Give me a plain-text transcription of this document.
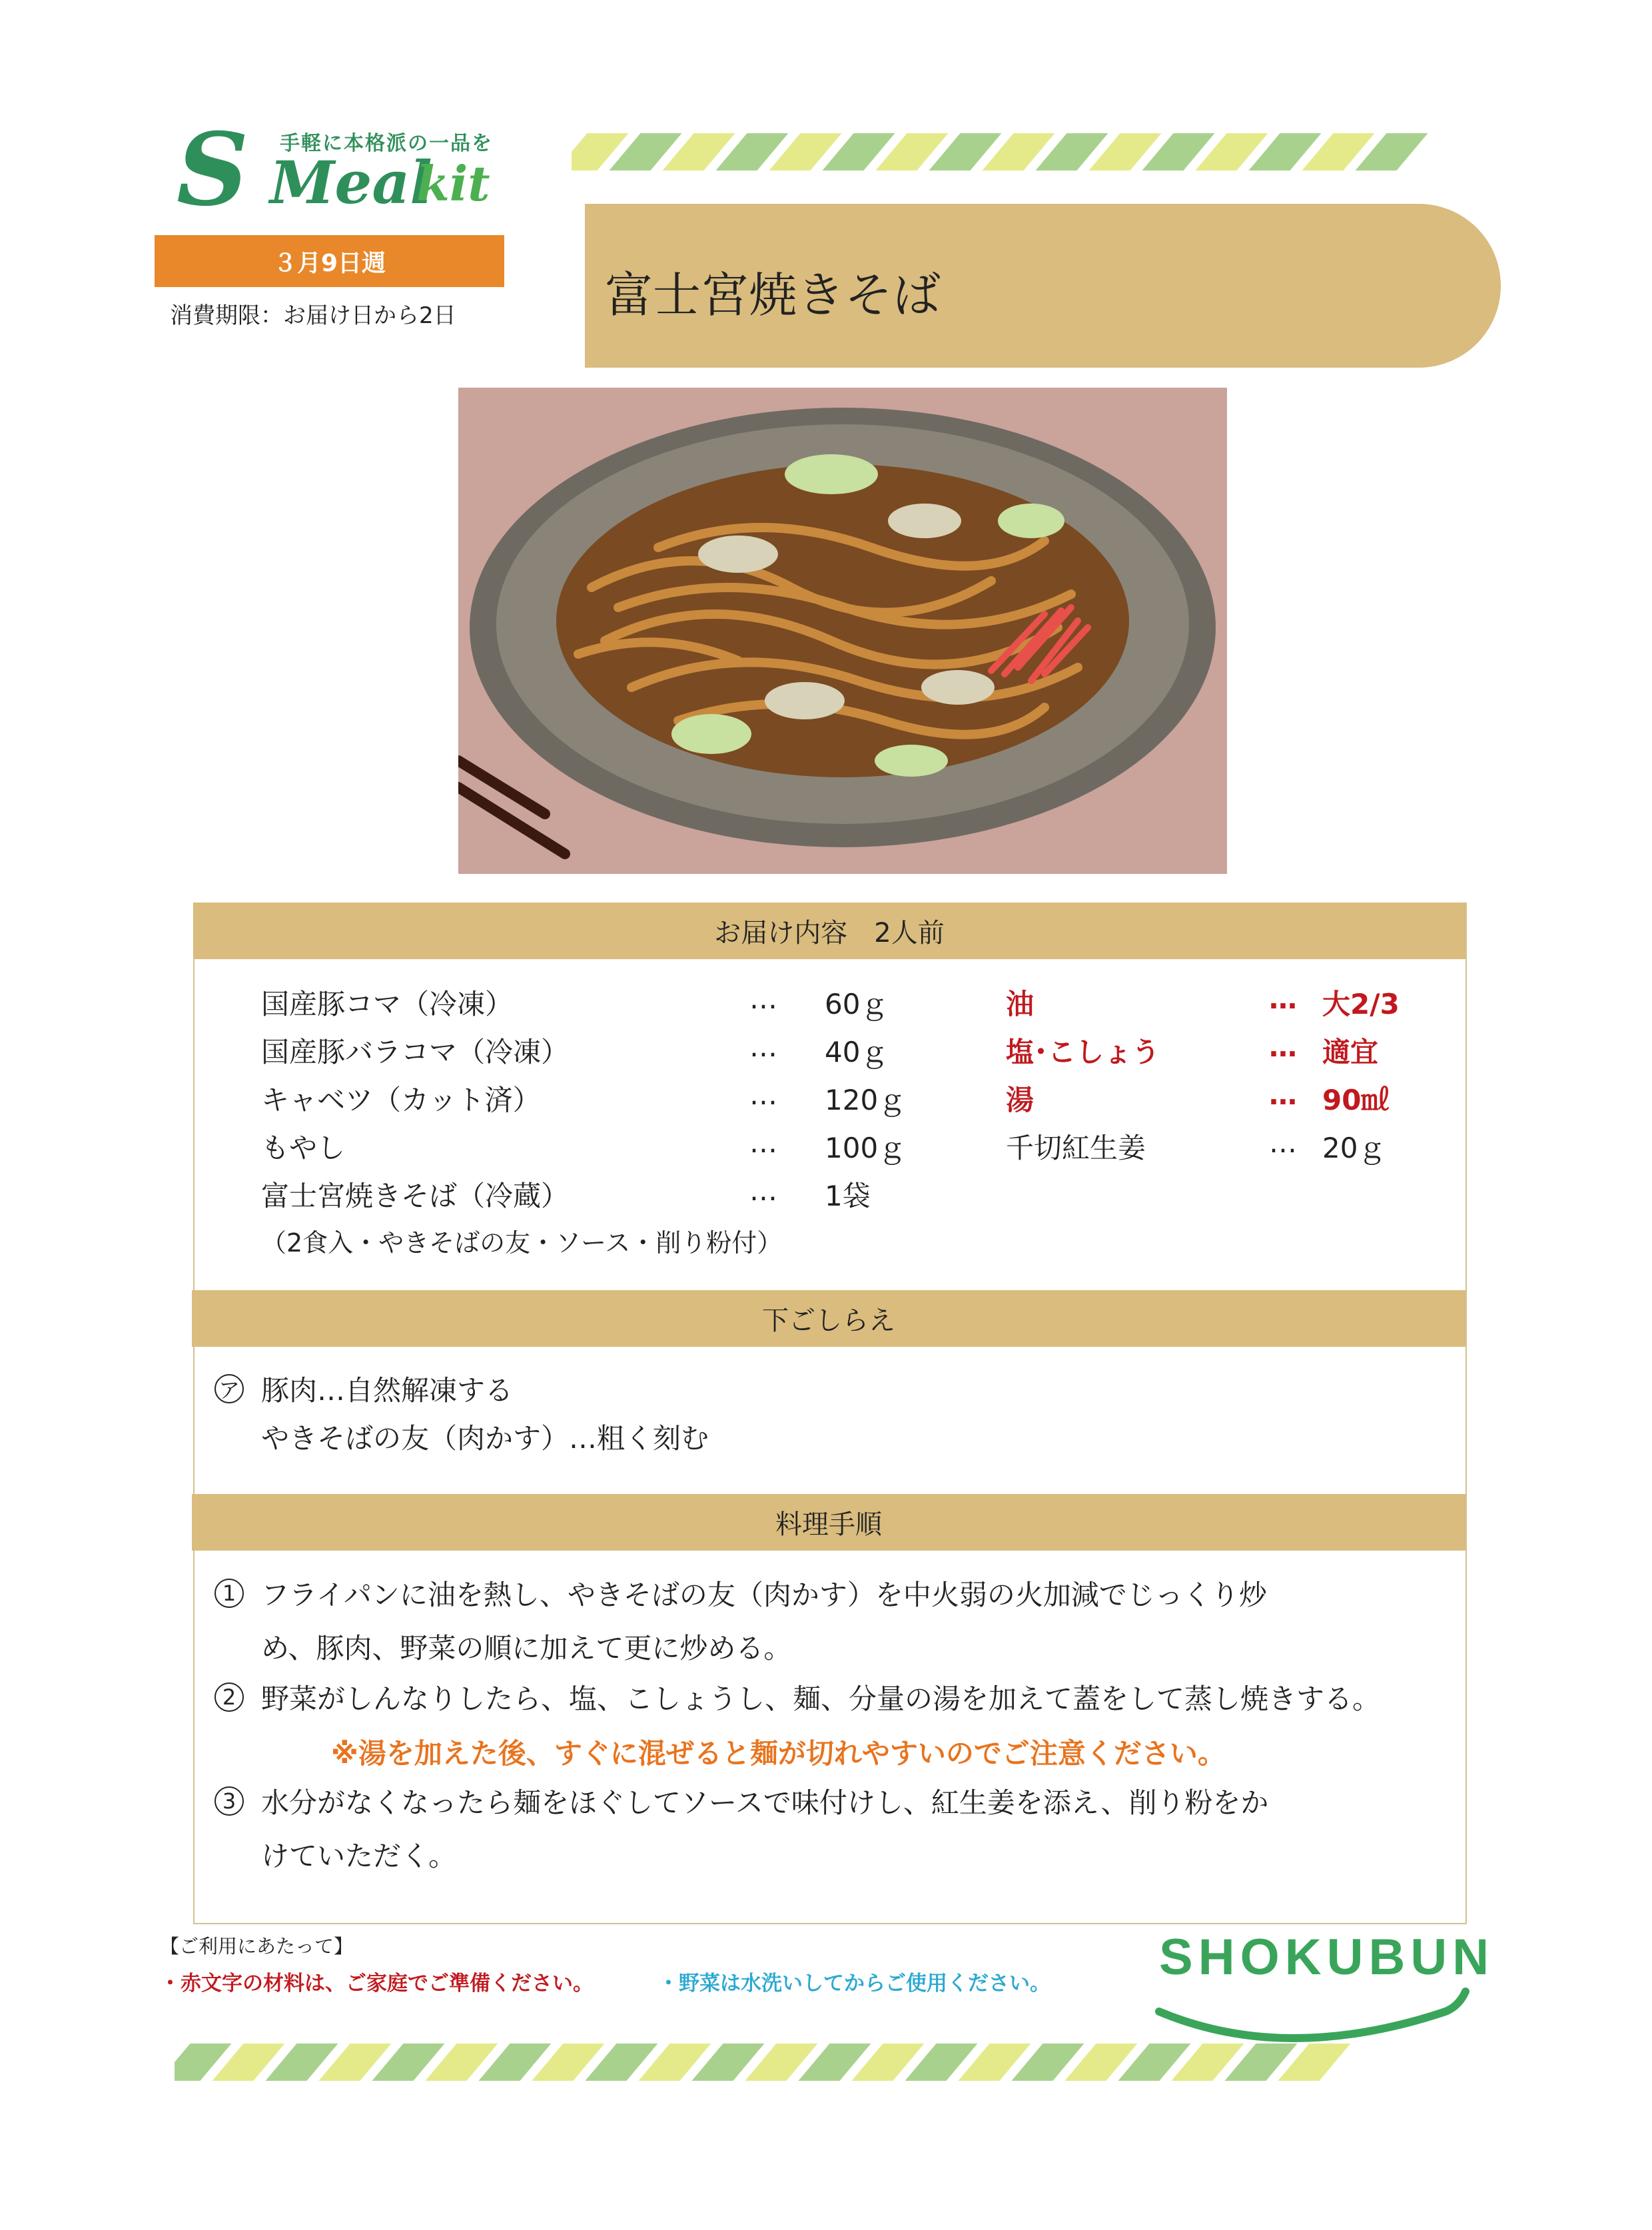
S 手軽に本格派の一品を
Meal
kit
３月9日週
消費期限：お届け日から2日	富士宮焼きそば
お届け内容　2人前
国産豚コマ（冷凍）	… 60ｇ
国産豚バラコマ（冷凍）	… 40ｇ
キャベツ（カット済）	… 120ｇ
もやし	… 100ｇ
富士宮焼きそば（冷蔵）	… 1袋
（2食入・やきそばの友・ソース・削り粉付）
油	… 大2/3
塩･こしょう	… 適宜
湯	… 90㎖
千切紅生姜	… 20ｇ
下ごしらえ
ア 豚肉…自然解凍する
やきそばの友（肉かす）…粗く刻む
料理手順
1 フライパンに油を熱し、やきそばの友（肉かす）を中火弱の火加減でじっくり炒
め、豚肉、野菜の順に加えて更に炒める。
2 野菜がしんなりしたら、塩、こしょうし、麺、分量の湯を加えて蓋をして蒸し焼きする。
※湯を加えた後、すぐに混ぜると麺が切れやすいのでご注意ください。
3 水分がなくなったら麺をほぐしてソースで味付けし、紅生姜を添え、削り粉をか
けていただく。
【ご利用にあたって】
・赤文字の材料は、ご家庭でご準備ください。	・野菜は水洗いしてからご使用ください。 SHOKUBUN
